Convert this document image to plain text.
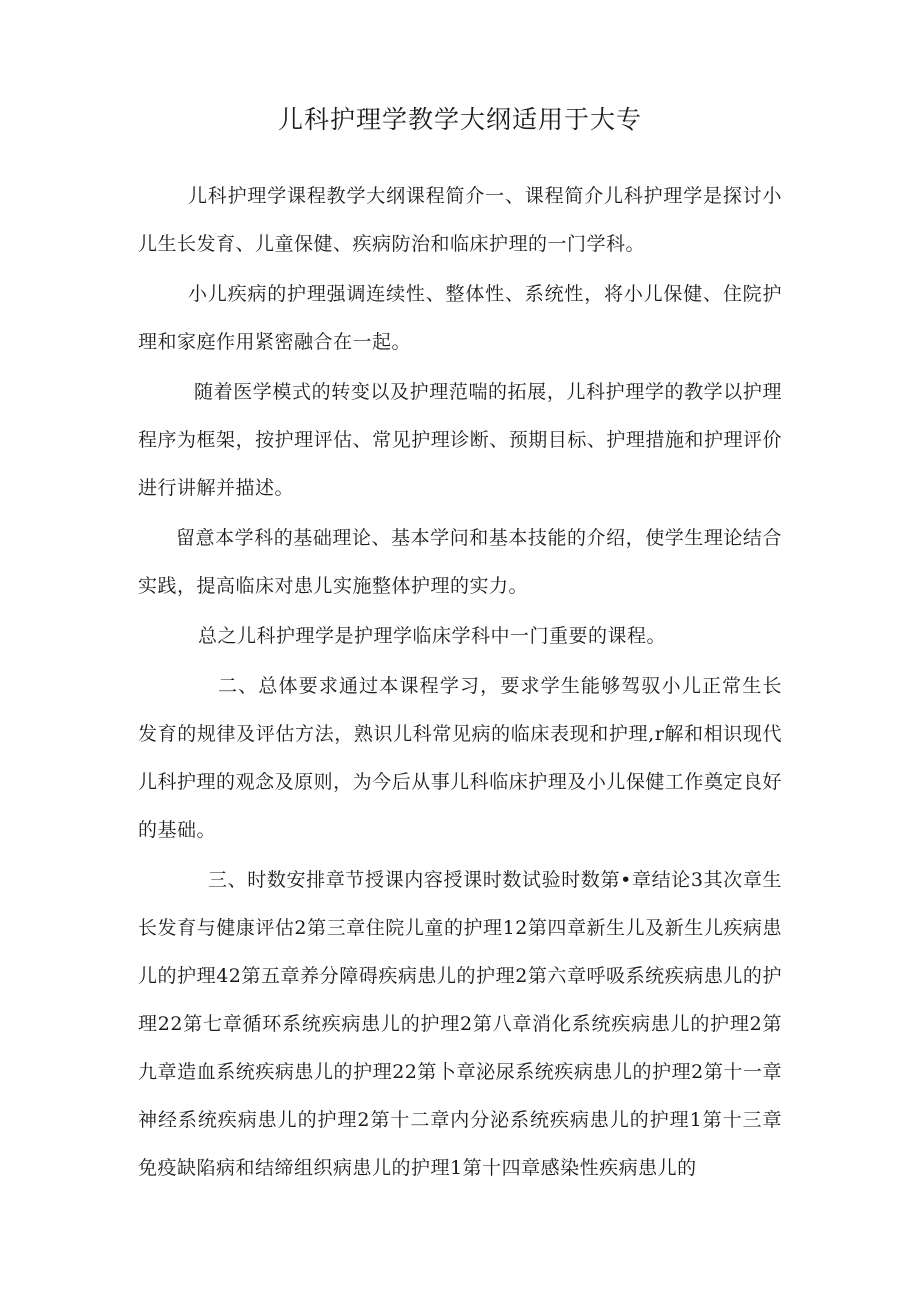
儿科护理学教学大纲适用于大专

儿科护理学课程教学大纲课程简介一、课程简介儿科护理学是探讨小儿生长发育、儿童保健、疾病防治和临床护理的一门学科。

小儿疾病的护理强调连续性、整体性、系统性，将小儿保健、住院护理和家庭作用紧密融合在一起。

随着医学模式的转变以及护理范喘的拓展，儿科护理学的教学以护理程序为框架，按护理评估、常见护理诊断、预期目标、护理措施和护理评价进行讲解并描述。

留意本学科的基础理论、基本学问和基本技能的介绍，使学生理论结合实践，提高临床对患儿实施整体护理的实力。

总之儿科护理学是护理学临床学科中一门重要的课程。

二、总体要求通过本课程学习，要求学生能够驾驭小儿正常生长发育的规律及评估方法，熟识儿科常见病的临床表现和护理,r解和相识现代儿科护理的观念及原则，为今后从事儿科临床护理及小儿保健工作奠定良好的基础。

三、时数安排章节授课内容授课时数试验时数第•章结论3其次章生长发育与健康评估2第三章住院儿童的护理12第四章新生儿及新生儿疾病患儿的护理42第五章养分障碍疾病患儿的护理2第六章呼吸系统疾病患儿的护理22第七章循环系统疾病患儿的护理2第八章消化系统疾病患儿的护理2第九章造血系统疾病患儿的护理22第卜章泌尿系统疾病患儿的护理2第十一章神经系统疾病患儿的护理2第十二章内分泌系统疾病患儿的护理1第十三章免疫缺陷病和结缔组织病患儿的护理1第十四章感染性疾病患儿的
